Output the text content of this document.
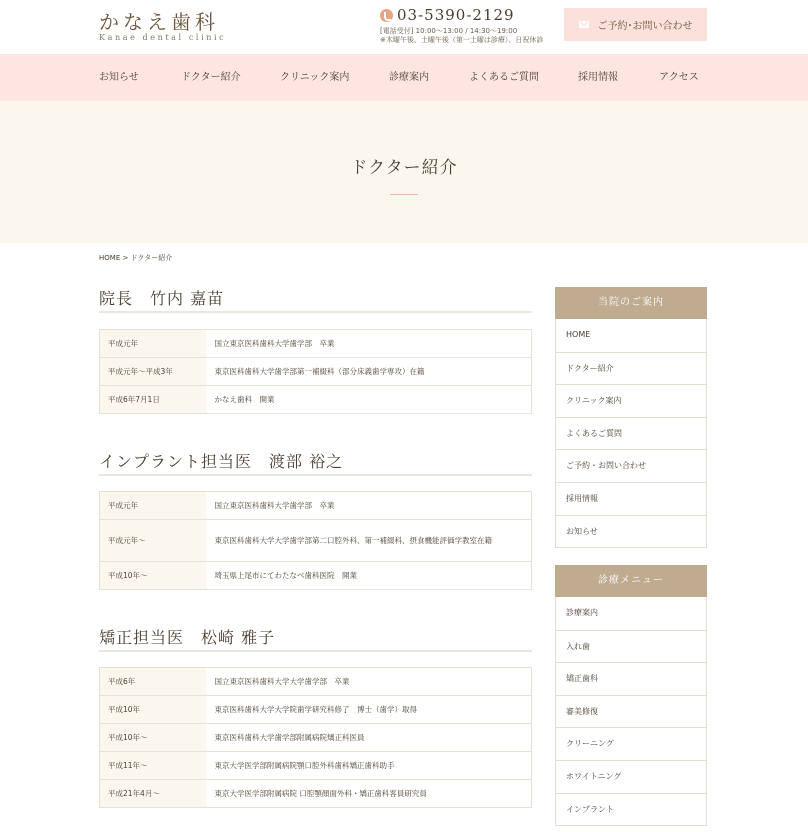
かなえ歯科
Kanae dental clinic
03-5390-2129
[電話受付] 10:00〜13:00 / 14:30〜19:00
※木曜午後、土曜午後（第一土曜は診療）、日祝休診
ご予約･お問い合わせ
お知らせ	ドクター紹介	クリニック案内	診療案内	よくあるご質問	採用情報	アクセス
ドクター紹介
HOME > ドクター紹介
院長　竹内 嘉苗
平成元年	国立東京医科歯科大学歯学部　卒業
平成元年〜平成3年	東京医科歯科大学歯学部第一補綴科（部分床義歯学専攻）在籍
平成6年7月1日	かなえ歯科　開業
インプラント担当医　渡部 裕之
平成元年	国立東京医科歯科大学歯学部　卒業
平成元年〜	東京医科歯科大学大学歯学部第二口腔外科、第一補綴科、摂食機能評価学教室在籍
平成10年〜	埼玉県上尾市にてわたなべ歯科医院　開業
矯正担当医　松崎 雅子
平成6年	国立東京医科歯科大学大学歯学部　卒業
平成10年	東京医科歯科大学大学院歯学研究科修了　博士（歯学）取得
平成10年〜	東京医科歯科大学歯学部附属病院矯正科医員
平成11年〜	東京大学医学部附属病院顎口腔外科歯科矯正歯科助手
平成21年4月〜	東京大学医学部附属病院 口腔顎顔面外科・矯正歯科客員研究員
当院のご案内
HOME
ドクター紹介
クリニック案内
よくあるご質問
ご予約・お問い合わせ
採用情報
お知らせ
診療メニュー
診療案内
入れ歯
矯正歯科
審美修復
クリーニング
ホワイトニング
インプラント
